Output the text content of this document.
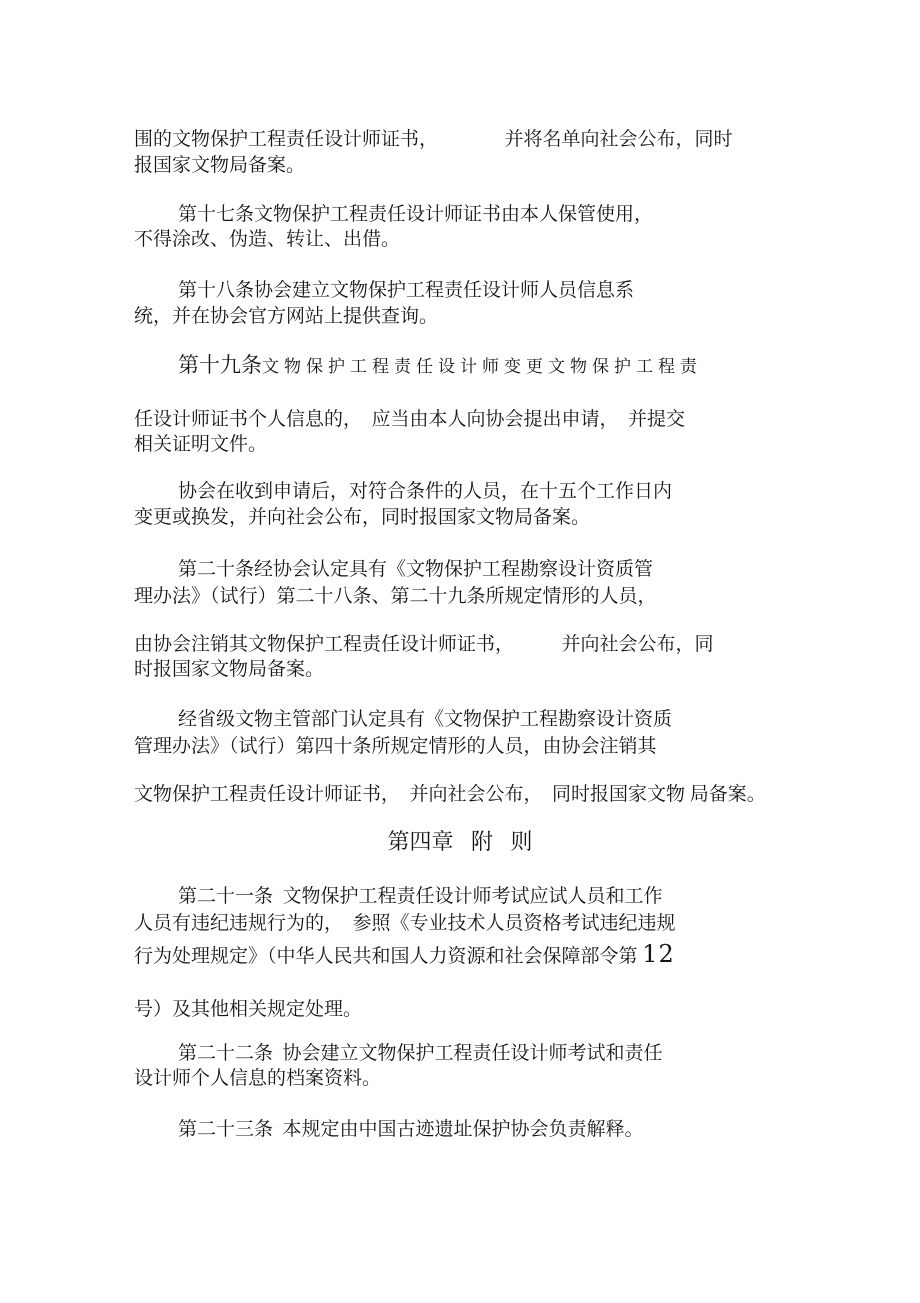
围的文物保护工程责任设计师证书，　　　　并将名单向社会公布，同时
报国家文物局备案。
第十七条文物保护工程责任设计师证书由本人保管使用，
不得涂改、伪造、转让、出借。
第十八条协会建立文物保护工程责任设计师人员信息系
统，并在协会官方网站上提供查询。
第十九条文物保护工程责任设计师变更文物保护工程责
任设计师证书个人信息的，　应当由本人向协会提出申请，　并提交
相关证明文件。
协会在收到申请后，对符合条件的人员，在十五个工作日内
变更或换发，并向社会公布，同时报国家文物局备案。
第二十条经协会认定具有《文物保护工程勘察设计资质管
理办法》（试行）第二十八条、第二十九条所规定情形的人员，
由协会注销其文物保护工程责任设计师证书，　　　并向社会公布，同
时报国家文物局备案。
经省级文物主管部门认定具有《文物保护工程勘察设计资质
管理办法》（试行）第四十条所规定情形的人员，由协会注销其
文物保护工程责任设计师证书，　并向社会公布，　同时报国家文物 局备案。
第四章 附 则
第二十一条  文物保护工程责任设计师考试应试人员和工作
人员有违纪违规行为的，　参照《专业技术人员资格考试违纪违规
行为处理规定》（中华人民共和国人力资源和社会保障部令第 12
号）及其他相关规定处理。
第二十二条  协会建立文物保护工程责任设计师考试和责任
设计师个人信息的档案资料。
第二十三条  本规定由中国古迹遗址保护协会负责解释。
